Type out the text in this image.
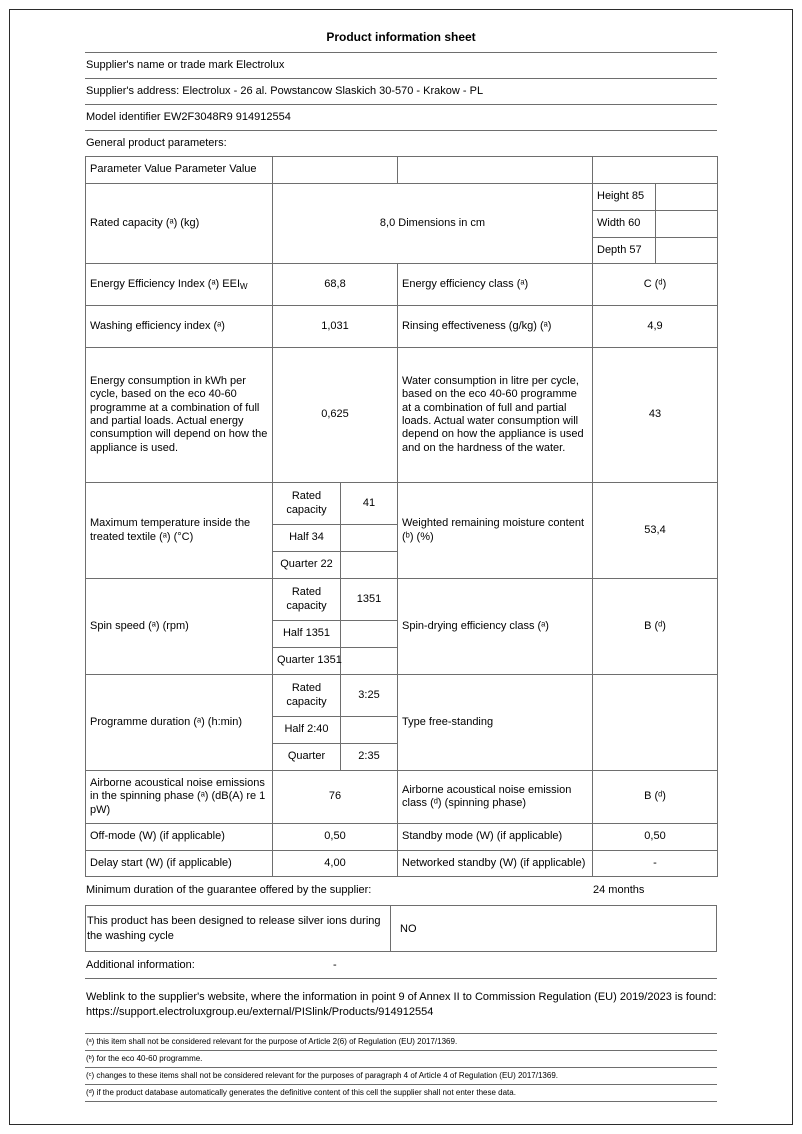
Product information sheet
Supplier's name or trade mark Electrolux
Supplier's address: Electrolux - 26 al. Powstancow Slaskich 30-570 - Krakow - PL
Model identifier EW2F3048R9 914912554
General product parameters:
Parameter Value Parameter Value					
Rated capacity (ᵃ) (kg)	8,0 Dimensions in cm			Height 85	
				Width 60	
				Depth 57	
Energy Efficiency Index (ᵃ) EEIW	68,8		Energy efficiency class (ᵃ)	C (ᵈ)	
Washing efficiency index (ᵃ)	1,031		Rinsing effectiveness (g/kg) (ᵃ)	4,9	
Energy consumption in kWh per cycle, based on the eco 40-60 programme at a combination of full and partial loads. Actual energy consumption will depend on how the appliance is used.	0,625		Water consumption in litre per cycle, based on the eco 40-60 programme at a combination of full and partial loads. Actual water consumption will depend on how the appliance is used and on the hardness of the water.	43	
Maximum temperature inside the treated textile (ᵃ) (°C)	Rated capacity	41	Weighted remaining moisture content (ᵇ) (%)	53,4	
	Half 34				
	Quarter 22				
Spin speed (ᵃ) (rpm)	Rated capacity	1351	Spin-drying efficiency class (ᵃ)	B (ᵈ)	
	Half 1351				
	Quarter 1351				
Programme duration (ᵃ) (h:min)	Rated capacity	3:25	Type free-standing		
	Half 2:40				
	Quarter	2:35			
Airborne acoustical noise emissions in the spinning phase (ᵃ) (dB(A) re 1 pW)	76		Airborne acoustical noise emission class (ᵈ) (spinning phase)	B (ᵈ)	
Off-mode (W) (if applicable)	0,50		Standby mode (W) (if applicable)	0,50	
Delay start (W) (if applicable)	4,00		Networked standby (W) (if applicable)	-	
Minimum duration of the guarantee offered by the supplier:	24 months
This product has been designed to release silver ions during the washing cycle
NO
Additional information:	-
Weblink to the supplier's website, where the information in point 9 of Annex II to Commission Regulation (EU) 2019/2023 is found: https://support.electroluxgroup.eu/external/PISlink/Products/914912554
(ᵃ) this item shall not be considered relevant for the purpose of Article 2(6) of Regulation (EU) 2017/1369.
(ᵇ) for the eco 40-60 programme.
(ᶜ) changes to these items shall not be considered relevant for the purposes of paragraph 4 of Article 4 of Regulation (EU) 2017/1369.
(ᵈ) if the product database automatically generates the definitive content of this cell the supplier shall not enter these data.
